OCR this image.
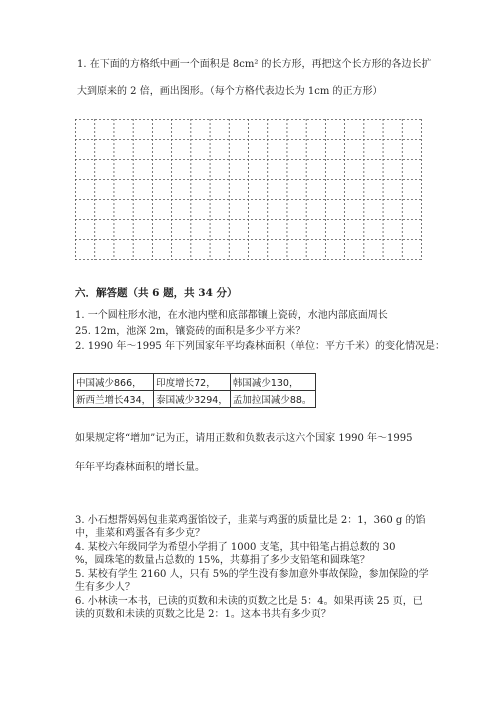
1. 在下面的方格纸中画一个面积是 8cm² 的长方形，再把这个长方形的各边长扩
大到原来的 2 倍，画出图形。（每个方格代表边长为 1cm 的正方形）
六．解答题（共 6 题，共 34 分）
1. 一个圆柱形水池，在水池内壁和底部都镶上瓷砖，水池内部底面周长
25. 12m，池深 2m，镶瓷砖的面积是多少平方米？
2. 1990 年～1995 年下列国家年平均森林面积（单位：平方千米）的变化情况是：
中国减少866，	印度增长72，	韩国减少130，
新西兰增长434，	泰国减少3294，	孟加拉国减少88。
如果规定将“增加”记为正，请用正数和负数表示这六个国家 1990 年～1995
年年平均森林面积的增长量。
3. 小石想帮妈妈包韭菜鸡蛋馅饺子，韭菜与鸡蛋的质量比是 2：1，360 g 的馅
中，韭菜和鸡蛋各有多少克？
4. 某校六年级同学为希望小学捐了 1000 支笔，其中铅笔占捐总数的 30
%，圆珠笔的数量占总数的 15%，共募捐了多少支铅笔和圆珠笔？
5. 某校有学生 2160 人，只有 5%的学生没有参加意外事故保险，参加保险的学
生有多少人？
6. 小林读一本书，已读的页数和未读的页数之比是 5：4。如果再读 25 页，已
读的页数和未读的页数之比是 2：1。这本书共有多少页？
